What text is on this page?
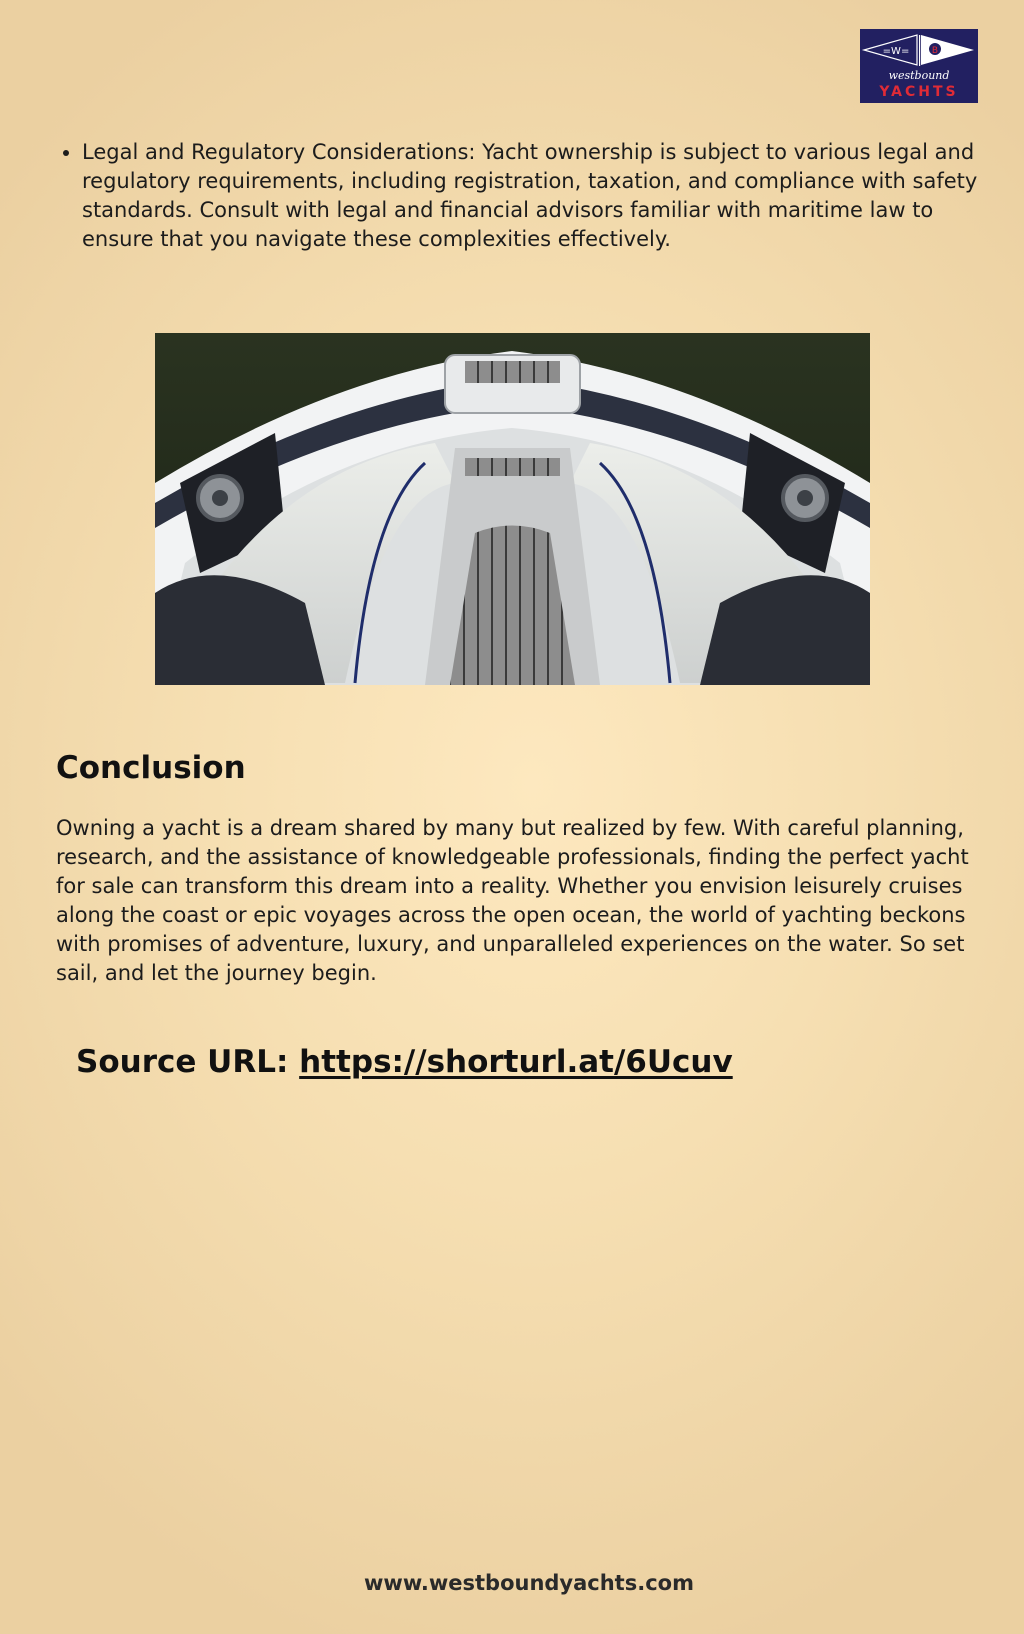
=W=	B
westbound
YACHTS
• Legal and Regulatory Considerations: Yacht ownership is subject to various legal and regulatory requirements, including registration, taxation, and compliance with safety standards. Consult with legal and financial advisors familiar with maritime law to ensure that you navigate these complexities effectively.
Conclusion

Owning a yacht is a dream shared by many but realized by few. With careful planning, research, and the assistance of knowledgeable professionals, finding the perfect yacht for sale can transform this dream into a reality. Whether you envision leisurely cruises along the coast or epic voyages across the open ocean, the world of yachting beckons with promises of adventure, luxury, and unparalleled experiences on the water. So set sail, and let the journey begin.

Source URL: https://shorturl.at/6Ucuv

www.westboundyachts.com
